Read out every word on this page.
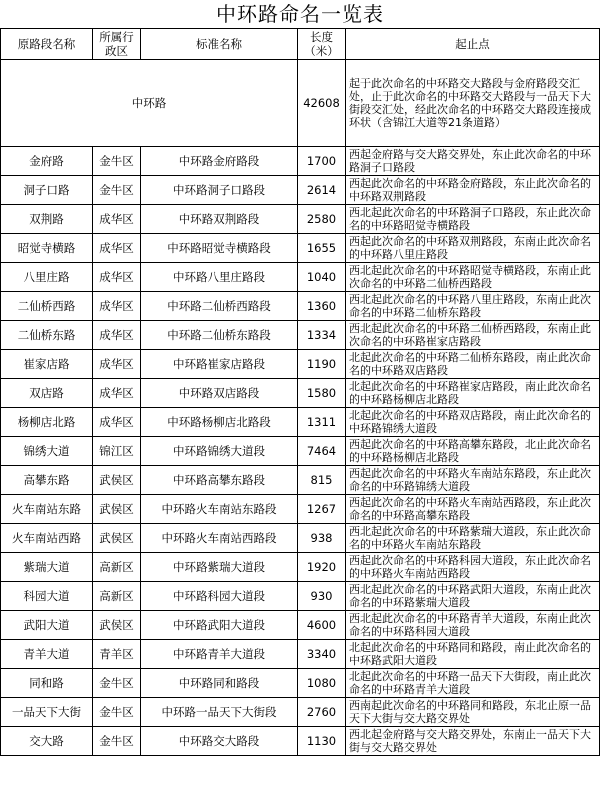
中环路命名一览表
原路段名称	所属行政区	标准名称	长度（米）	起止点
中环路			42608	起于此次命名的中环路交大路段与金府路段交汇处，止于此次命名的中环路交大路段与一品天下大街段交汇处，经此次命名的中环路交大路段连接成环状（含锦江大道等21条道路）
金府路	金牛区	中环路金府路段	1700	西起金府路与交大路交界处，东止此次命名的中环路洞子口路段
洞子口路	金牛区	中环路洞子口路段	2614	西起此次命名的中环路金府路段，东止此次命名的中环路双荆路段
双荆路	成华区	中环路双荆路段	2580	西北起此次命名的中环路洞子口路段，东止此次命名的中环路昭觉寺横路段
昭觉寺横路	成华区	中环路昭觉寺横路段	1655	西起此次命名的中环路双荆路段，东南止此次命名的中环路八里庄路段
八里庄路	成华区	中环路八里庄路段	1040	西北起此次命名的中环路昭觉寺横路段，东南止此次命名的中环路二仙桥西路段
二仙桥西路	成华区	中环路二仙桥西路段	1360	西北起此次命名的中环路八里庄路段，东南止此次命名的中环路二仙桥东路段
二仙桥东路	成华区	中环路二仙桥东路段	1334	西北起此次命名的中环路二仙桥西路段，东南止此次命名的中环路崔家店路段
崔家店路	成华区	中环路崔家店路段	1190	北起此次命名的中环路二仙桥东路段，南止此次命名的中环路双店路段
双店路	成华区	中环路双店路段	1580	北起此次命名的中环路崔家店路段，南止此次命名的中环路杨柳店北路段
杨柳店北路	成华区	中环路杨柳店北路段	1311	北起此次命名的中环路双店路段，南止此次命名的中环路锦绣大道段
锦绣大道	锦江区	中环路锦绣大道段	7464	西起此次命名的中环路高攀东路段，北止此次命名的中环路杨柳店北路段
高攀东路	武侯区	中环路高攀东路段	815	西起此次命名的中环路火车南站东路段，东止此次命名的中环路锦绣大道段
火车南站东路	武侯区	中环路火车南站东路段	1267	西起此次命名的中环路火车南站西路段，东止此次命名的中环路高攀东路段
火车南站西路	武侯区	中环路火车南站西路段	938	西北起此次命名的中环路紫瑞大道段，东止此次命名的中环路火车南站东路段
紫瑞大道	高新区	中环路紫瑞大道段	1920	西起此次命名的中环路科园大道段，东止此次命名的中环路火车南站西路段
科园大道	高新区	中环路科园大道段	930	西北起此次命名的中环路武阳大道段，东南止此次命名的中环路紫瑞大道段
武阳大道	武侯区	中环路武阳大道段	4600	西北起此次命名的中环路青羊大道段，东南止此次命名的中环路科园大道段
青羊大道	青羊区	中环路青羊大道段	3340	北起此次命名的中环路同和路段，南止此次命名的中环路武阳大道段
同和路	金牛区	中环路同和路段	1080	北起此次命名的中环路一品天下大街段，南止此次命名的中环路青羊大道段
一品天下大街	金牛区	中环路一品天下大街段	2760	西南起此次命名的中环路同和路段，东北止原一品天下大街与交大路交界处
交大路	金牛区	中环路交大路段	1130	西北起金府路与交大路交界处，东南止一品天下大街与交大路交界处
